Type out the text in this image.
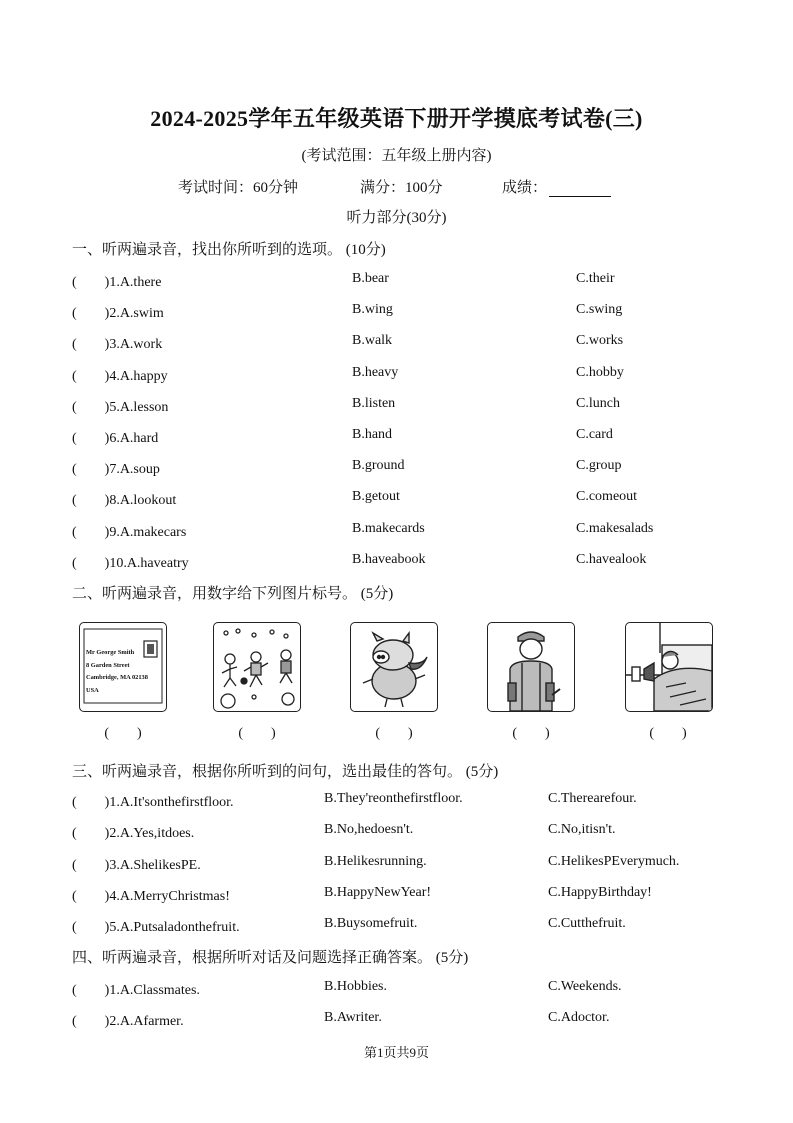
2024-2025学年五年级英语下册开学摸底考试卷(三)
(考试范围：五年级上册内容)
考试时间：60分钟	满分：100分	成绩：
听力部分(30分)
一、听两遍录音，找出你所听到的选项。 (10分)
(　　)1.A.there	B.bear	C.their
(　　)2.A.swim	B.wing	C.swing
(　　)3.A.work	B.walk	C.works
(　　)4.A.happy	B.heavy	C.hobby
(　　)5.A.lesson	B.listen	C.lunch
(　　)6.A.hard	B.hand	C.card
(　　)7.A.soup	B.ground	C.group
(　　)8.A.lookout	B.getout	C.comeout
(　　)9.A.makecars	B.makecards	C.makesalads
(　　)10.A.haveatry	B.haveabook	C.havealook
二、听两遍录音，用数字给下列图片标号。 (5分)
Mr George Smith
8 Garden Street
Cambridge, MA 02138
USA
(　　)	(　　)	(　　)	(　　)	(　　)
三、听两遍录音，根据你所听到的问句，选出最佳的答句。 (5分)
(　　)1.A.It'sonthefirstfloor.	B.They'reonthefirstfloor.	C.Therearefour.
(　　)2.A.Yes,itdoes.	B.No,hedoesn't.	C.No,itisn't.
(　　)3.A.ShelikesPE.	B.Helikesrunning.	C.HelikesPEverymuch.
(　　)4.A.MerryChristmas!	B.HappyNewYear!	C.HappyBirthday!
(　　)5.A.Putsaladonthefruit.	B.Buysomefruit.	C.Cutthefruit.
四、听两遍录音，根据所听对话及问题选择正确答案。 (5分)
(　　)1.A.Classmates.	B.Hobbies.	C.Weekends.
(　　)2.A.Afarmer.	B.Awriter.	C.Adoctor.
第1页共9页
